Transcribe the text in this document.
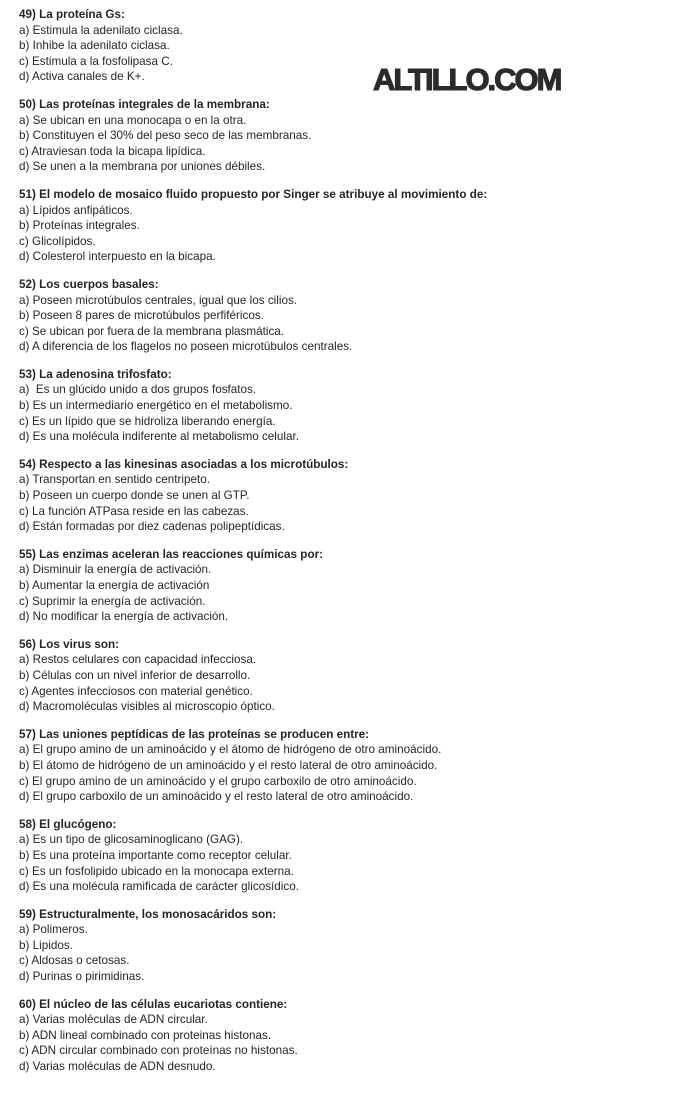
ALTILLO.COM
49) La proteína Gs:
a) Estimula la adenilato ciclasa.
b) Inhibe la adenilato ciclasa.
c) Estimula a la fosfolipasa C.
d) Activa canales de K+.
50) Las proteínas integrales de la membrana:
a) Se ubican en una monocapa o en la otra.
b) Constituyen el 30% del peso seco de las membranas.
c) Atraviesan toda la bicapa lipídica.
d) Se unen a la membrana por uniones débiles.
51) El modelo de mosaico fluido propuesto por Singer se atribuye al movimiento de:
a) Lípidos anfipáticos.
b) Proteínas integrales.
c) Glicolípidos.
d) Colesterol interpuesto en la bicapa.
52) Los cuerpos basales:
a) Poseen microtúbulos centrales, igual que los cilios.
b) Poseen 8 pares de microtúbulos perfiféricos.
c) Se ubican por fuera de la membrana plasmática.
d) A diferencia de los flagelos no poseen microtúbulos centrales.
53) La adenosina trifosfato:
a)  Es un glúcido unido a dos grupos fosfatos.
b) Es un intermediario energético en el metabolismo.
c) Es un lípido que se hidroliza liberando energía.
d) Es una molécula indiferente al metabolismo celular.
54) Respecto a las kinesinas asociadas a los microtúbulos:
a) Transportan en sentido centripeto.
b) Poseen un cuerpo donde se unen al GTP.
c) La función ATPasa reside en las cabezas.
d) Están formadas por diez cadenas polipeptídicas.
55) Las enzimas aceleran las reacciones químicas por:
a) Disminuir la energía de activación.
b) Aumentar la energía de activación
c) Suprimir la energía de activación.
d) No modificar la energía de activación.
56) Los virus son:
a) Restos celulares con capacidad infecciosa.
b) Células con un nivel inferior de desarrollo.
c) Agentes infecciosos con material genético.
d) Macromoléculas visibles al microscopio óptico.
57) Las uniones peptídicas de las proteínas se producen entre:
a) El grupo amino de un aminoácido y el átomo de hidrógeno de otro aminoácido.
b) El átomo de hidrógeno de un aminoácido y el resto lateral de otro aminoácido.
c) El grupo amino de un aminoácido y el grupo carboxilo de otro aminoácido.
d) El grupo carboxilo de un aminoácido y el resto lateral de otro aminoácido.
58) El glucógeno:
a) Es un tipo de glicosaminoglicano (GAG).
b) Es una proteína importante como receptor celular.
c) Es un fosfolipido ubicado en la monocapa externa.
d) Es una molécula ramificada de carácter glicosídico.
59) Estructuralmente, los monosacáridos son:
a) Polimeros.
b) Lipidos.
c) Aldosas o cetosas.
d) Purinas o pirimidinas.
60) El núcleo de las células eucariotas contiene:
a) Varias moléculas de ADN circular.
b) ADN lineal combinado con proteinas histonas.
c) ADN circular combinado con proteínas no histonas.
d) Varias moléculas de ADN desnudo.
